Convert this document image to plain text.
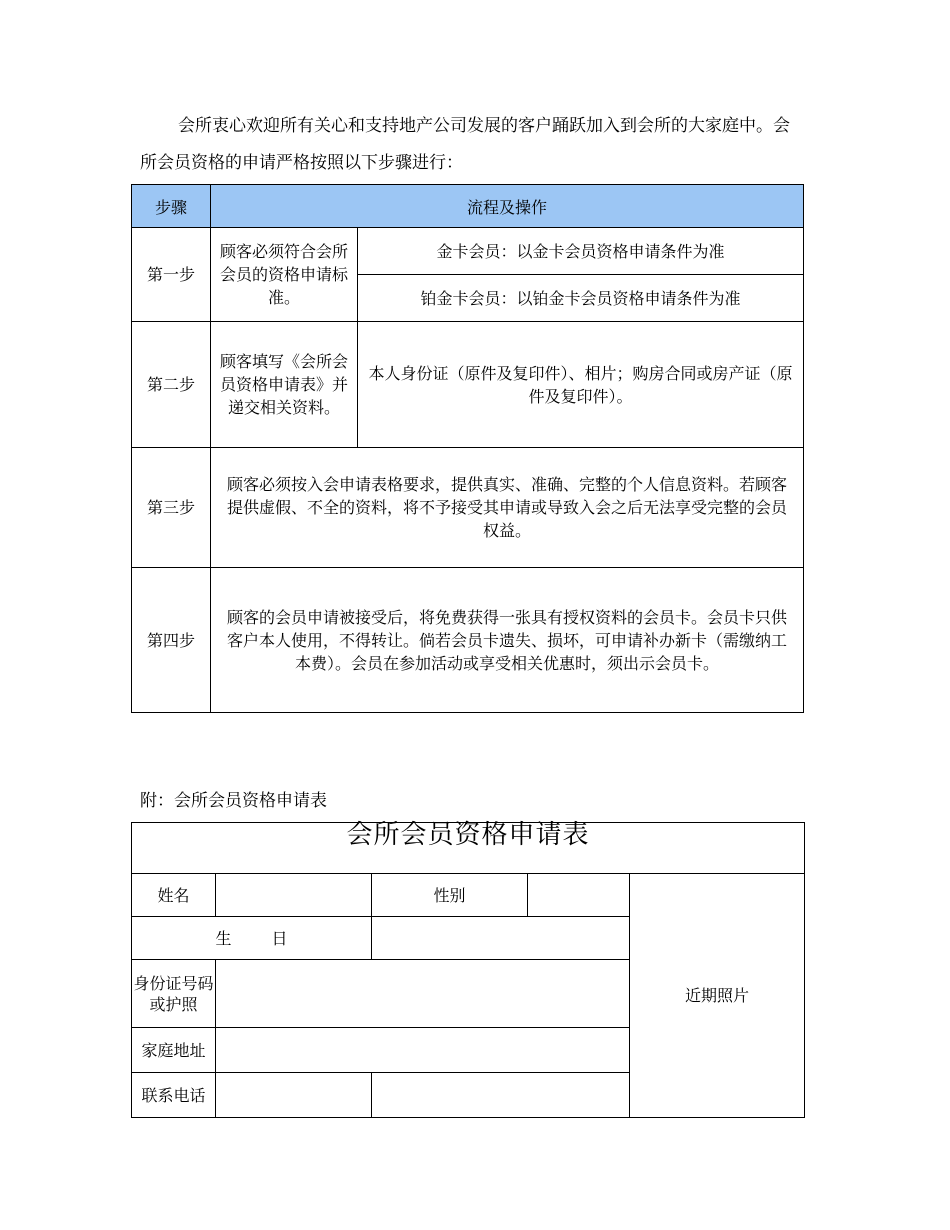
会所衷心欢迎所有关心和支持地产公司发展的客户踊跃加入到会所的大家庭中。会所会员资格的申请严格按照以下步骤进行：

步骤	流程及操作	
第一步	顾客必须符合会所会员的资格申请标准。	金卡会员：以金卡会员资格申请条件为准
		铂金卡会员：以铂金卡会员资格申请条件为准
第二步	顾客填写《会所会员资格申请表》并递交相关资料。	本人身份证（原件及复印件）、相片；购房合同或房产证（原件及复印件）。
第三步	顾客必须按入会申请表格要求，提供真实、准确、完整的个人信息资料。若顾客提供虚假、不全的资料，将不予接受其申请或导致入会之后无法享受完整的会员权益。	
第四步	顾客的会员申请被接受后，将免费获得一张具有授权资料的会员卡。会员卡只供客户本人使用，不得转让。倘若会员卡遗失、损坏，可申请补办新卡（需缴纳工本费）。会员在参加活动或享受相关优惠时，须出示会员卡。	

附：会所会员资格申请表

会所会员资格申请表				
姓名		性别		近期照片
生 日				
身份证号码或护照				
家庭地址				
联系电话				
